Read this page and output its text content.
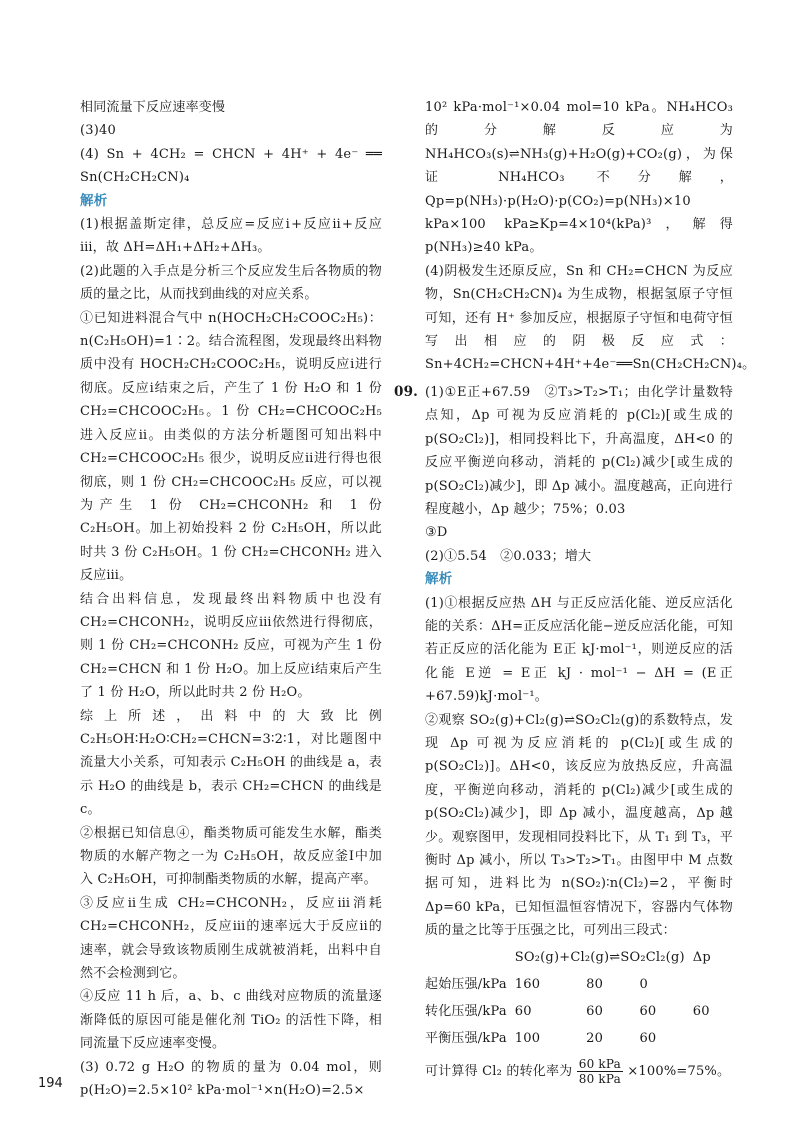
相同流量下反应速率变慢

(3)40

(4) Sn + 4CH₂ = CHCN + 4H⁺ + 4e⁻ ══ Sn(CH₂CH₂CN)₄

解析

(1)根据盖斯定律，总反应=反应ⅰ+反应ⅱ+反应ⅲ，故 ΔH=ΔH₁+ΔH₂+ΔH₃。

(2)此题的入手点是分析三个反应发生后各物质的物质的量之比，从而找到曲线的对应关系。

①已知进料混合气中 n(HOCH₂CH₂COOC₂H₅)：n(C₂H₅OH)=1∶2。结合流程图，发现最终出料物质中没有 HOCH₂CH₂COOC₂H₅，说明反应ⅰ进行彻底。反应ⅰ结束之后，产生了 1 份 H₂O 和 1 份 CH₂=CHCOOC₂H₅。1 份 CH₂=CHCOOC₂H₅ 进入反应ⅱ。由类似的方法分析题图可知出料中 CH₂=CHCOOC₂H₅ 很少，说明反应ⅱ进行得也很彻底，则 1 份 CH₂=CHCOOC₂H₅ 反应，可以视为产生 1 份 CH₂=CHCONH₂ 和 1 份 C₂H₅OH。加上初始投料 2 份 C₂H₅OH，所以此时共 3 份 C₂H₅OH。1 份 CH₂=CHCONH₂ 进入反应ⅲ。

结合出料信息，发现最终出料物质中也没有 CH₂=CHCONH₂，说明反应ⅲ依然进行得彻底，则 1 份 CH₂=CHCONH₂ 反应，可视为产生 1 份 CH₂=CHCN 和 1 份 H₂O。加上反应ⅰ结束后产生了 1 份 H₂O，所以此时共 2 份 H₂O。

综上所述，出料中的大致比例 C₂H₅OH∶H₂O∶CH₂=CHCN=3∶2∶1，对比题图中流量大小关系，可知表示 C₂H₅OH 的曲线是 a，表示 H₂O 的曲线是 b，表示 CH₂=CHCN 的曲线是 c。

②根据已知信息④，酯类物质可能发生水解，酯类物质的水解产物之一为 C₂H₅OH，故反应釜Ⅰ中加入 C₂H₅OH，可抑制酯类物质的水解，提高产率。

③反应ⅱ生成 CH₂=CHCONH₂，反应ⅲ消耗 CH₂=CHCONH₂，反应ⅲ的速率远大于反应ⅱ的速率，就会导致该物质刚生成就被消耗，出料中自然不会检测到它。

④反应 11 h 后，a、b、c 曲线对应物质的流量逐渐降低的原因可能是催化剂 TiO₂ 的活性下降，相同流量下反应速率变慢。

(3) 0.72 g H₂O 的物质的量为 0.04 mol，则 p(H₂O)=2.5×10² kPa·mol⁻¹×n(H₂O)=2.5×

10² kPa·mol⁻¹×0.04 mol=10 kPa。NH₄HCO₃ 的分解反应为 NH₄HCO₃(s)⇌NH₃(g)+H₂O(g)+CO₂(g)，为保证 NH₄HCO₃ 不分解，Qp=p(NH₃)·p(H₂O)·p(CO₂)=p(NH₃)×10 kPa×100 kPa≥Kp=4×10⁴(kPa)³，解得 p(NH₃)≥40 kPa。

(4)阴极发生还原反应，Sn 和 CH₂=CHCN 为反应物，Sn(CH₂CH₂CN)₄ 为生成物，根据氢原子守恒可知，还有 H⁺ 参加反应，根据原子守恒和电荷守恒写出相应的阴极反应式：Sn+4CH₂=CHCN+4H⁺+4e⁻══Sn(CH₂CH₂CN)₄。

09. (1)①E正+67.59　②T₃>T₂>T₁；由化学计量数特点知，Δp 可视为反应消耗的 p(Cl₂)[或生成的 p(SO₂Cl₂)]，相同投料比下，升高温度，ΔH<0 的反应平衡逆向移动，消耗的 p(Cl₂)减少[或生成的 p(SO₂Cl₂)减少]，即 Δp 减小。温度越高，正向进行程度越小，Δp 越少；75%；0.03

③D

(2)①5.54　②0.033；增大

解析

(1)①根据反应热 ΔH 与正反应活化能、逆反应活化能的关系：ΔH=正反应活化能−逆反应活化能，可知若正反应的活化能为 E正 kJ·mol⁻¹，则逆反应的活化能 E逆 = E正 kJ · mol⁻¹ − ΔH = (E正+67.59)kJ·mol⁻¹。

②观察 SO₂(g)+Cl₂(g)⇌SO₂Cl₂(g)的系数特点，发现 Δp 可视为反应消耗的 p(Cl₂)[或生成的 p(SO₂Cl₂)]。ΔH<0，该反应为放热反应，升高温度，平衡逆向移动，消耗的 p(Cl₂)减少[或生成的 p(SO₂Cl₂)减少]，即 Δp 减小，温度越高，Δp 越少。观察图甲，发现相同投料比下，从 T₁ 到 T₃，平衡时 Δp 减小，所以 T₃>T₂>T₁。由图甲中 M 点数据可知，进料比为 n(SO₂)∶n(Cl₂)=2，平衡时 Δp=60 kPa，已知恒温恒容情况下，容器内气体物质的量之比等于压强之比，可列出三段式：

	SO₂(g)+Cl₂(g)⇌SO₂Cl₂(g)			Δp
起始压强/kPa	160	80	0	
转化压强/kPa	60	60	60	60
平衡压强/kPa	100	20	60	

可计算得 Cl₂ 的转化率为 $\frac{\text{60 kPa}}{\text{80 kPa}} \times 100\%=75\%$。

194
